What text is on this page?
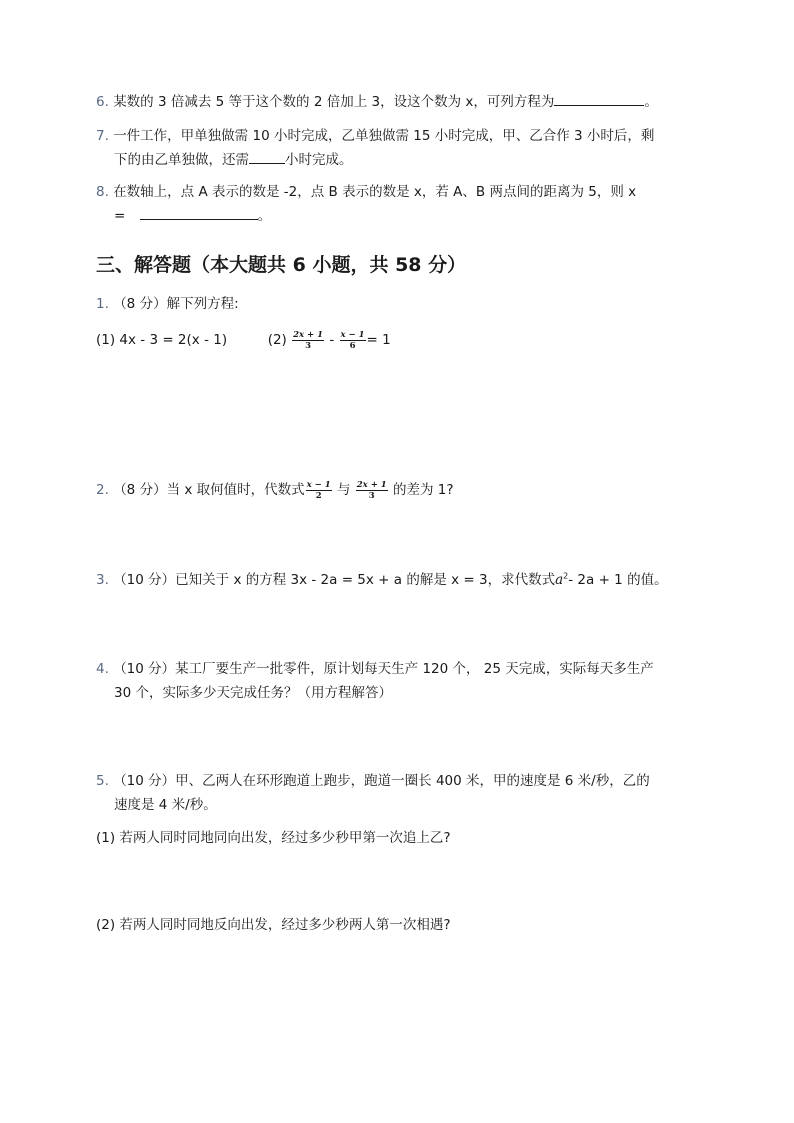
6. 某数的 3 倍减去 5 等于这个数的 2 倍加上 3，设这个数为 x，可列方程为	。
7. 一件工作，甲单独做需 10 小时完成，乙单独做需 15 小时完成，甲、乙合作 3 小时后，剩
下的由乙单独做，还需	小时完成。
8. 在数轴上，点 A 表示的数是 -2，点 B 表示的数是 x，若 A、B 两点间的距离为 5，则 x
=	。
三、解答题（本大题共 6 小题，共 58 分）
1. （8 分）解下列方程:
(1) 4x - 3 = 2(x - 1)	$(2) \frac{2x + 1}{3} - \frac{x - 1}{6} = 1$
2. （8 分）当 x 取何值时，代数式 $\frac{x - 1}{2}$ 与 $\frac{2x + 1}{3}$ 的差为 1?
3. （10 分）已知关于 x 的方程 3x - 2a = 5x + a 的解是 x = 3，求代数式$a^2-$ 2a + 1 的值。
4. （10 分）某工厂要生产一批零件，原计划每天生产 120 个， 25 天完成，实际每天多生产
30 个，实际多少天完成任务？（用方程解答）
5. （10 分）甲、乙两人在环形跑道上跑步，跑道一圈长 400 米，甲的速度是 6 米/秒，乙的
速度是 4 米/秒。
(1) 若两人同时同地同向出发，经过多少秒甲第一次追上乙?
(2) 若两人同时同地反向出发，经过多少秒两人第一次相遇?
